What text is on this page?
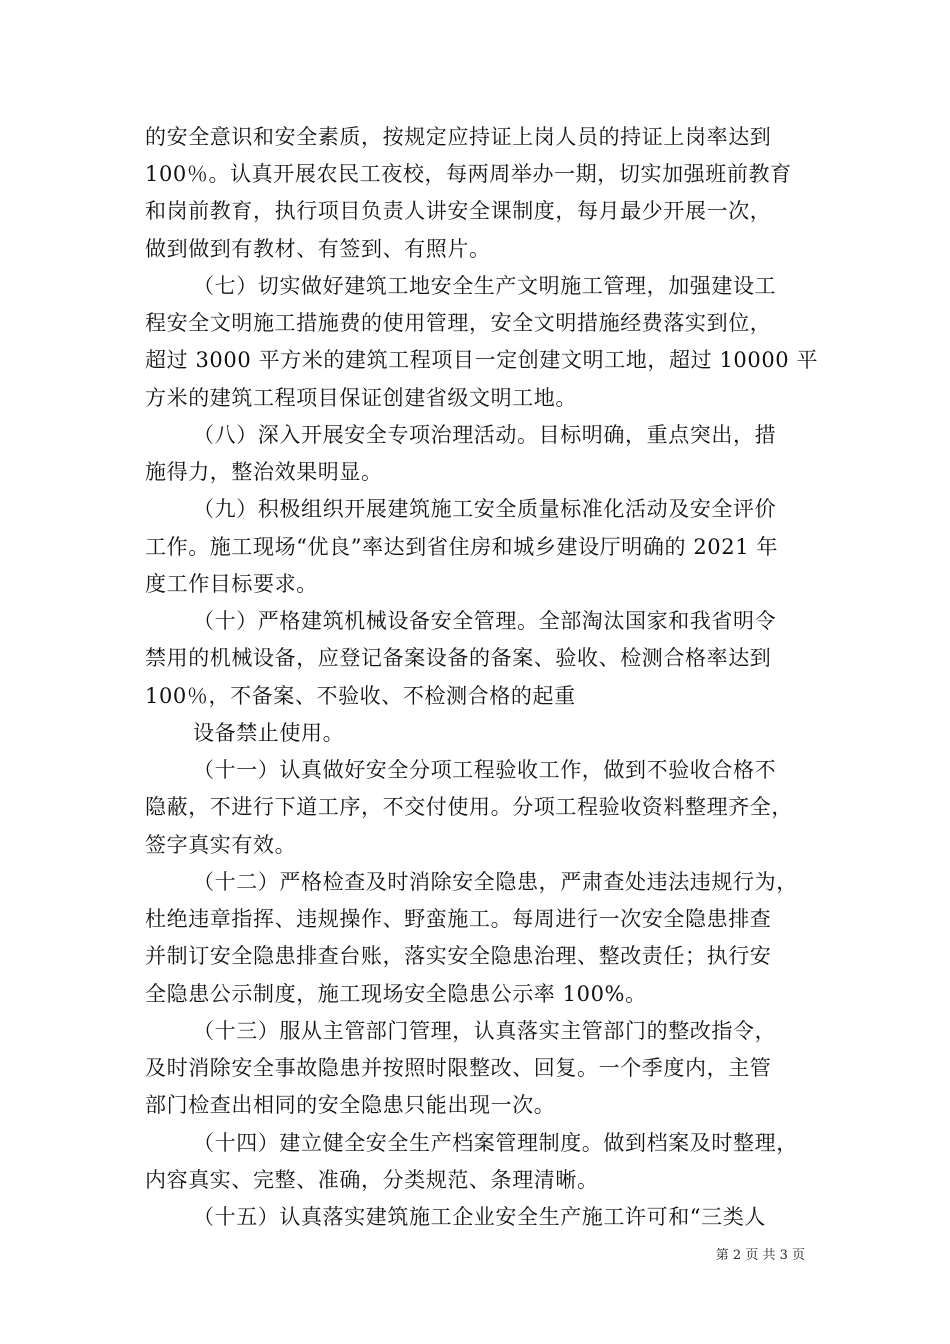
的安全意识和安全素质，按规定应持证上岗人员的持证上岗率达到
100％。认真开展农民工夜校，每两周举办一期，切实加强班前教育
和岗前教育，执行项目负责人讲安全课制度，每月最少开展一次，
做到做到有教材、有签到、有照片。
（七）切实做好建筑工地安全生产文明施工管理，加强建设工
程安全文明施工措施费的使用管理，安全文明措施经费落实到位，
超过 3000 平方米的建筑工程项目一定创建文明工地，超过 10000 平
方米的建筑工程项目保证创建省级文明工地。
（八）深入开展安全专项治理活动。目标明确，重点突出，措
施得力，整治效果明显。
（九）积极组织开展建筑施工安全质量标准化活动及安全评价
工作。施工现场“优良”率达到省住房和城乡建设厅明确的 2021 年
度工作目标要求。
（十）严格建筑机械设备安全管理。全部淘汰国家和我省明令
禁用的机械设备，应登记备案设备的备案、验收、检测合格率达到
100％，不备案、不验收、不检测合格的起重
设备禁止使用。
（十一）认真做好安全分项工程验收工作，做到不验收合格不
隐蔽，不进行下道工序，不交付使用。分项工程验收资料整理齐全，
签字真实有效。
（十二）严格检查及时消除安全隐患，严肃查处违法违规行为，
杜绝违章指挥、违规操作、野蛮施工。每周进行一次安全隐患排查
并制订安全隐患排查台账，落实安全隐患治理、整改责任；执行安
全隐患公示制度，施工现场安全隐患公示率 100%。
（十三）服从主管部门管理，认真落实主管部门的整改指令，
及时消除安全事故隐患并按照时限整改、回复。一个季度内，主管
部门检查出相同的安全隐患只能出现一次。
（十四）建立健全安全生产档案管理制度。做到档案及时整理，
内容真实、完整、准确，分类规范、条理清晰。
（十五）认真落实建筑施工企业安全生产施工许可和“三类人
第 2 页 共 3 页
